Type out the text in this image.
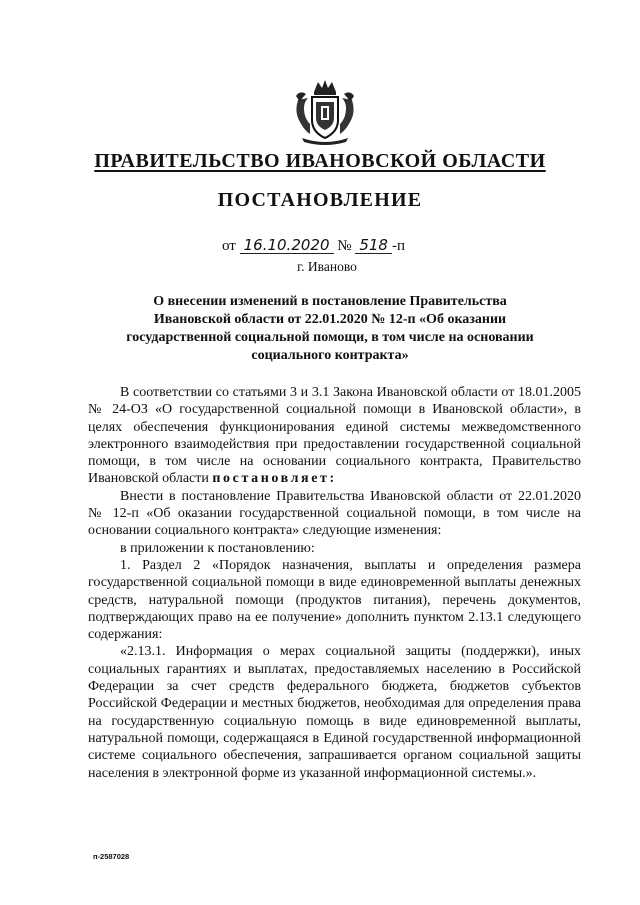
ПРАВИТЕЛЬСТВО ИВАНОВСКОЙ ОБЛАСТИ
ПОСТАНОВЛЕНИЕ
от 16.10.2020 № 518 -п
г. Иваново
О внесении изменений в постановление Правительства Ивановской области от 22.01.2020 № 12-п «Об оказании государственной социальной помощи, в том числе на основании социального контракта»

В соответствии со статьями 3 и 3.1 Закона Ивановской области от 18.01.2005 № 24-ОЗ «О государственной социальной помощи в Ивановской области», в целях обеспечения функционирования единой системы межведомственного электронного взаимодействия при предоставлении государственной социальной помощи, в том числе на основании социального контракта, Правительство Ивановской области постановляет:

Внести в постановление Правительства Ивановской области от 22.01.2020 № 12-п «Об оказании государственной социальной помощи, в том числе на основании социального контракта» следующие изменения:

в приложении к постановлению:

1. Раздел 2 «Порядок назначения, выплаты и определения размера государственной социальной помощи в виде единовременной выплаты денежных средств, натуральной помощи (продуктов питания), перечень документов, подтверждающих право на ее получение» дополнить пунктом 2.13.1 следующего содержания:

«2.13.1. Информация о мерах социальной защиты (поддержки), иных социальных гарантиях и выплатах, предоставляемых населению в Российской Федерации за счет средств федерального бюджета, бюджетов субъектов Российской Федерации и местных бюджетов, необходимая для определения права на государственную социальную помощь в виде единовременной выплаты, натуральной помощи, содержащаяся в Единой государственной информационной системе социального обеспечения, запрашивается органом социальной защиты населения в электронной форме из указанной информационной системы.».

п-2587028
